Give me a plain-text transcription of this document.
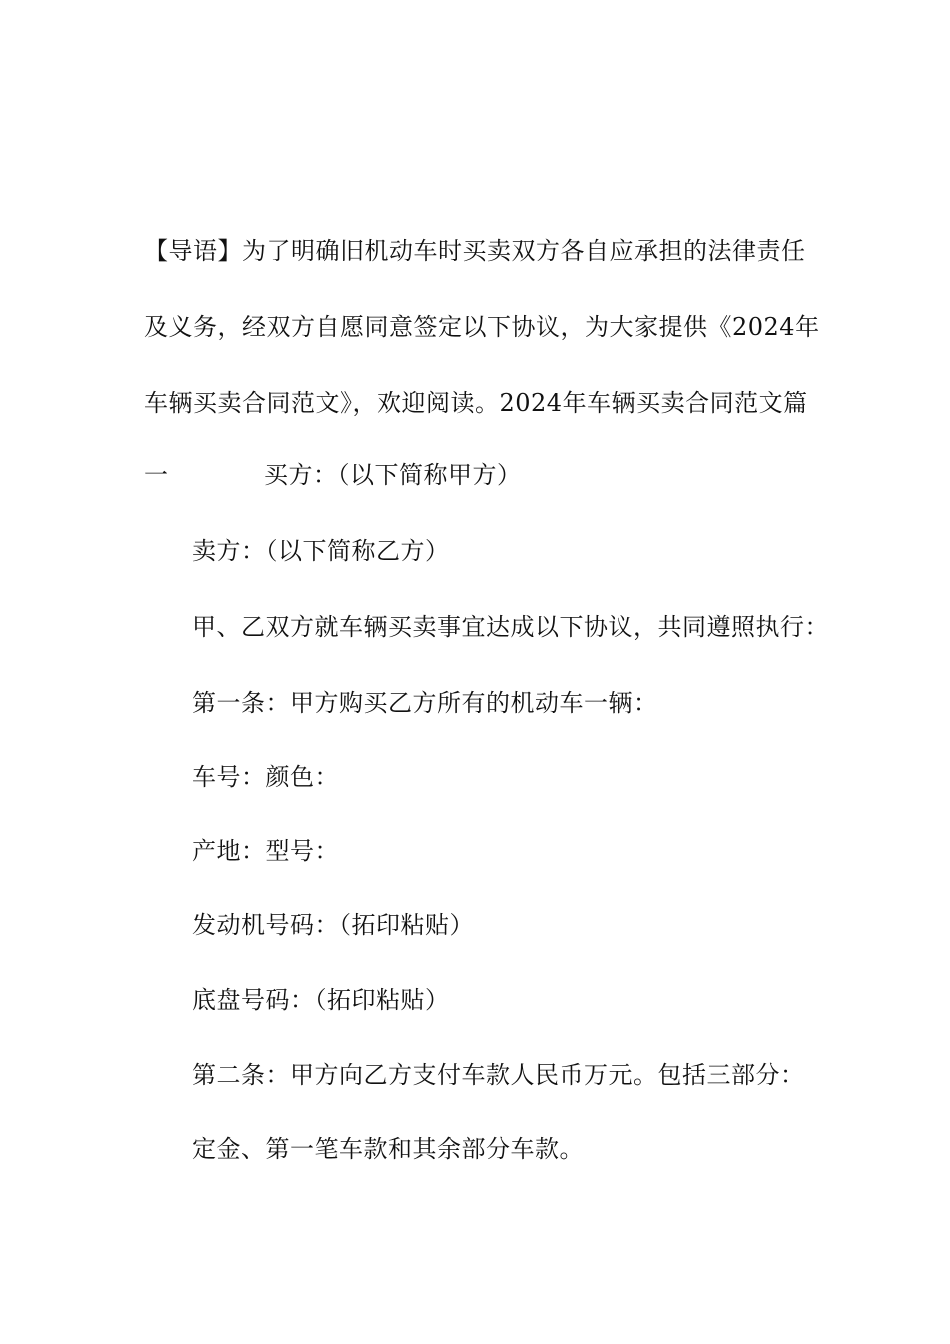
【导语】为了明确旧机动车时买卖双方各自应承担的法律责任
及义务，经双方自愿同意签定以下协议，为大家提供《2024年
车辆买卖合同范文》，欢迎阅读。2024年车辆买卖合同范文篇
一	买方：（以下简称甲方）
卖方：（以下简称乙方）
甲、乙双方就车辆买卖事宜达成以下协议，共同遵照执行：
第一条：甲方购买乙方所有的机动车一辆：
车号：颜色：
产地：型号：
发动机号码：（拓印粘贴）
底盘号码：（拓印粘贴）
第二条：甲方向乙方支付车款人民币万元。包括三部分：
定金、第一笔车款和其余部分车款。
